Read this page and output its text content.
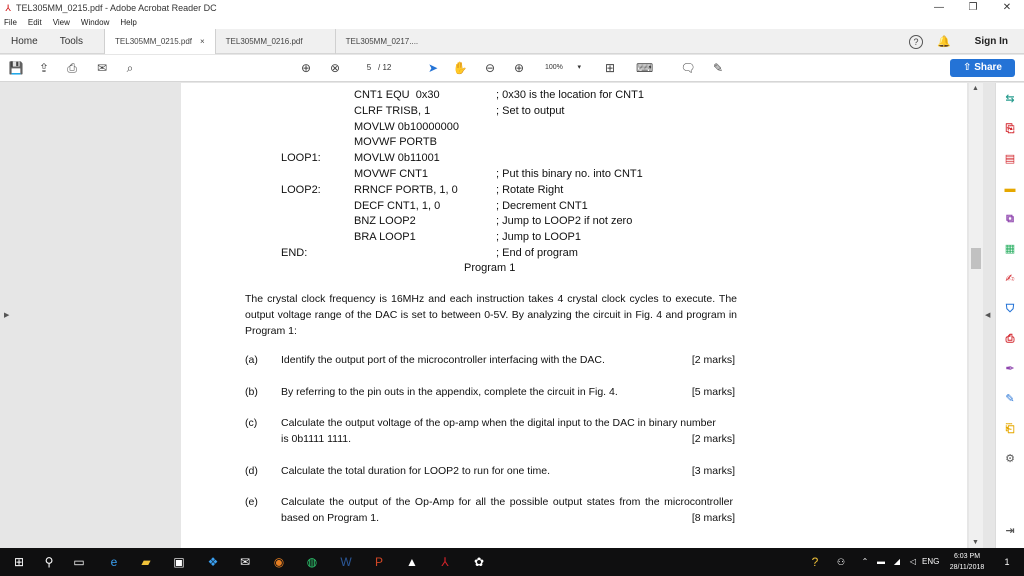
⅄ TEL305MM_0215.pdf - Adobe Acrobat Reader DC	—	❐	✕
File Edit View Window Help
Home	Tools	TEL305MM_0215.pdf ×	TEL305MM_0216.pdf	TEL305MM_0217....	?	🔔 Sign In
💾 ⇪ ⎙ ✉	⌕	⊕ ⊗	5 / 12	➤ ✋ ⊖ ⊕	100% ▾ ⊞ ⌨ 🗨 ✎	⇧ Share
▶
LOOP1:
LOOP2:
END:
CNT1 EQU  0x30
CLRF TRISB, 1
MOVLW 0b10000000
MOVWF PORTB
MOVLW 0b11001
MOVWF CNT1
RRNCF PORTB, 1, 0
DECF CNT1, 1, 0
BNZ LOOP2
BRA LOOP1
; 0x30 is the location for CNT1
; Set to output
; Put this binary no. into CNT1
; Rotate Right
; Decrement CNT1
; Jump to LOOP2 if not zero
; Jump to LOOP1
; End of program
Program 1
The crystal clock frequency is 16MHz and each instruction takes 4 crystal clock cycles to execute. The output voltage range of the DAC is set to between 0-5V. By analyzing the circuit in Fig. 4 and program in Program 1:
(a) Identify the output port of the microcontroller interfacing with the DAC.	[2 marks]
(b) By referring to the pin outs in the appendix, complete the circuit in Fig. 4.	[5 marks]
(c) Calculate the output voltage of the op-amp when the digital input to the DAC in binary number is 0b1111 1111.	[2 marks]
(d) Calculate the total duration for LOOP2 to run for one time.	[3 marks]
(e) Calculate the output of the Op-Amp for all the possible output states from the microcontroller based on Program 1.	[8 marks]
▲
▼
◀
⇆
⎘
▤
▬
⧉
▦
✍
⛉
⎙
✒
✎
⎗
⚙
⇥
⊞	⚲	▭	e	▰	▣	❖	✉	◉	◍	W	P	▲	⅄	✿	?	⚇	⌃	▬	◢	◁ ENG
6:03 PM
28/11/2018
1
